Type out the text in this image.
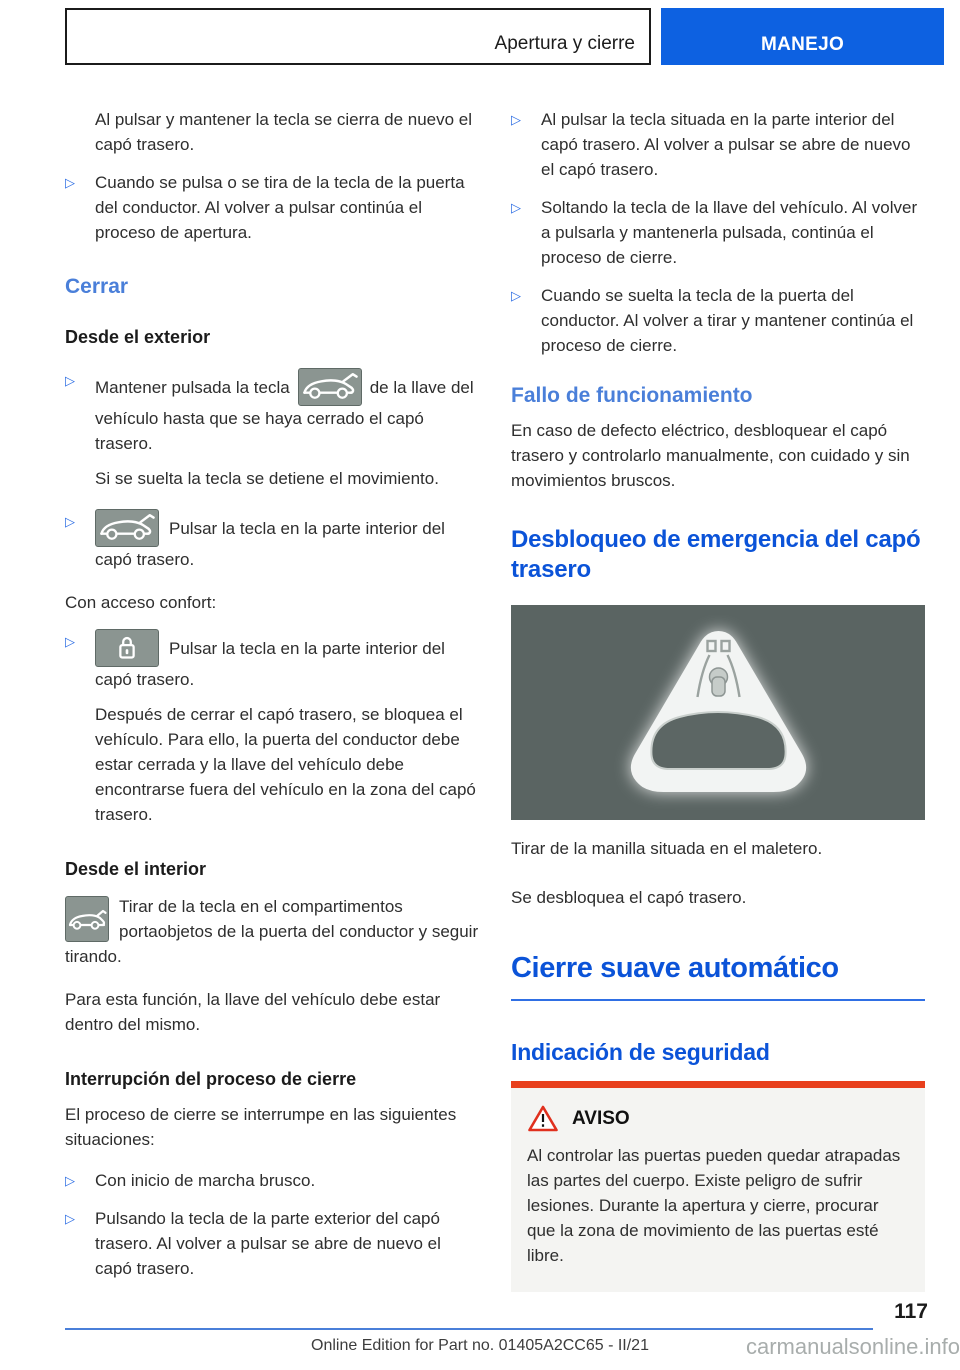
Apertura y cierre	MANEJO

Al pulsar y mantener la tecla se cierra de nuevo el capó trasero.

▷	Cuando se pulsa o se tira de la tecla de la puerta del conductor. Al volver a pulsar continúa el proceso de apertura.
Cerrar
Desde el exterior
▷	Mantener pulsada la tecla	de la llave del vehículo hasta que se haya cerrado el capó trasero.

Si se suelta la tecla se detiene el movimiento.

▷	Pulsar la tecla en la parte interior del capó trasero.

Con acceso confort:

▷	Pulsar la tecla en la parte interior del capó trasero.

Después de cerrar el capó trasero, se bloquea el vehículo. Para ello, la puerta del conductor debe estar cerrada y la llave del vehículo debe encontrarse fuera del vehículo en la zona del capó trasero.

Desde el interior

Tirar de la tecla en el compartimentos portaobjetos de la puerta del conductor y seguir tirando.

Para esta función, la llave del vehículo debe estar dentro del mismo.

Interrupción del proceso de cierre

El proceso de cierre se interrumpe en las siguientes situaciones:

▷	Con inicio de marcha brusco.
▷	Pulsando la tecla de la parte exterior del capó trasero. Al volver a pulsar se abre de nuevo el capó trasero.
▷	Al pulsar la tecla situada en la parte interior del capó trasero. Al volver a pulsar se abre de nuevo el capó trasero.
▷	Soltando la tecla de la llave del vehículo. Al volver a pulsarla y mantenerla pulsada, continúa el proceso de cierre.
▷	Cuando se suelta la tecla de la puerta del conductor. Al volver a tirar y mantener continúa el proceso de cierre.
Fallo de funcionamiento

En caso de defecto eléctrico, desbloquear el capó trasero y controlarlo manualmente, con cuidado y sin movimientos bruscos.

Desbloqueo de emergencia del capó trasero

Tirar de la manilla situada en el maletero.

Se desbloquea el capó trasero.

Cierre suave automático
Indicación de seguridad
AVISO

Al controlar las puertas pueden quedar atrapadas las partes del cuerpo. Existe peligro de sufrir lesiones. Durante la apertura y cierre, procurar que la zona de movimiento de las puertas esté libre.

117
Online Edition for Part no. 01405A2CC65 - II/21	carmanualsonline.info
